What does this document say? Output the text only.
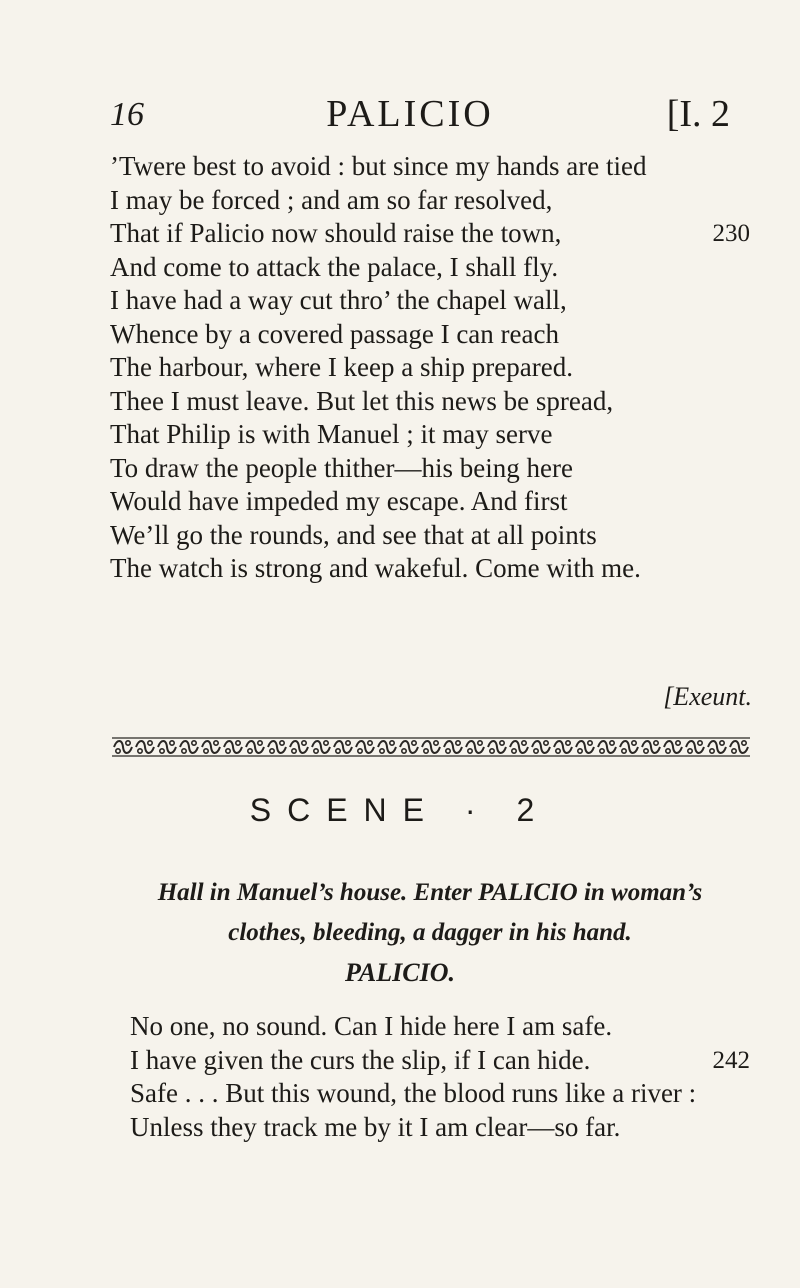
16	PALICIO	[I. 2
’Twere best to avoid : but since my hands are tied
I may be forced ; and am so far resolved,
That if Palicio now should raise the town,	230
And come to attack the palace, I shall fly.
I have had a way cut thro’ the chapel wall,
Whence by a covered passage I can reach
The harbour, where I keep a ship prepared.
Thee I must leave. But let this news be spread,
That Philip is with Manuel ; it may serve
To draw the people thither—his being here
Would have impeded my escape. And first
We’ll go the rounds, and see that at all points
The watch is strong and wakeful. Come with me.
[Exeunt.
SCENE · 2
Hall in Manuel’s house. Enter PALICIO in woman’s
clothes, bleeding, a dagger in his hand.
PALICIO.
No one, no sound. Can I hide here I am safe.
I have given the curs the slip, if I can hide.	242
Safe . . . But this wound, the blood runs like a river :
Unless they track me by it I am clear—so far.
